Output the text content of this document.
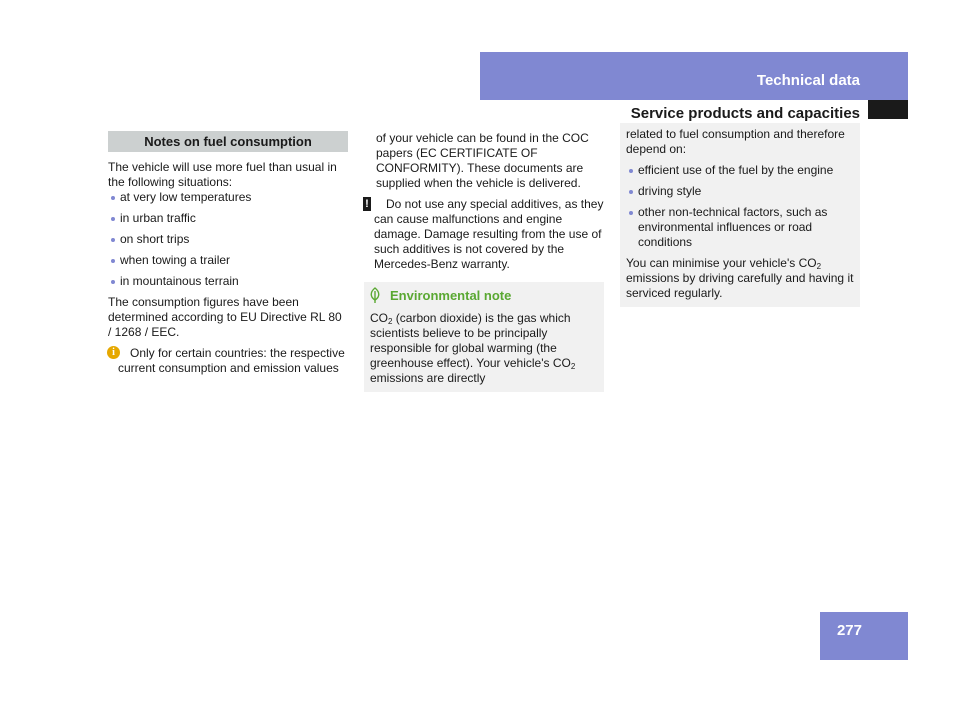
Technical data
Service products and capacities
Notes on fuel consumption

The vehicle will use more fuel than usual in the following situations:

at very low temperatures
in urban traffic
on short trips
when towing a trailer
in mountainous terrain

The consumption figures have been determined according to EU Directive RL 80 / 1268 / EEC.

i	Only for certain countries: the respective current consumption and emission values

of your vehicle can be found in the COC papers (EC CERTIFICATE OF CONFORMITY). These documents are supplied when the vehicle is delivered.

! Do not use any special additives, as they can cause malfunctions and engine damage. Damage resulting from the use of such additives is not covered by the Mercedes-Benz warranty.
Environmental note

$CO_2$ (carbon dioxide) is the gas which scientists believe to be principally responsible for global warming (the greenhouse effect). Your vehicle's $CO_2$ emissions are directly

related to fuel consumption and therefore depend on:

efficient use of the fuel by the engine
driving style
other non-technical factors, such as environmental influences or road conditions

You can minimise your vehicle's $CO_2$ emissions by driving carefully and having it serviced regularly.

277
